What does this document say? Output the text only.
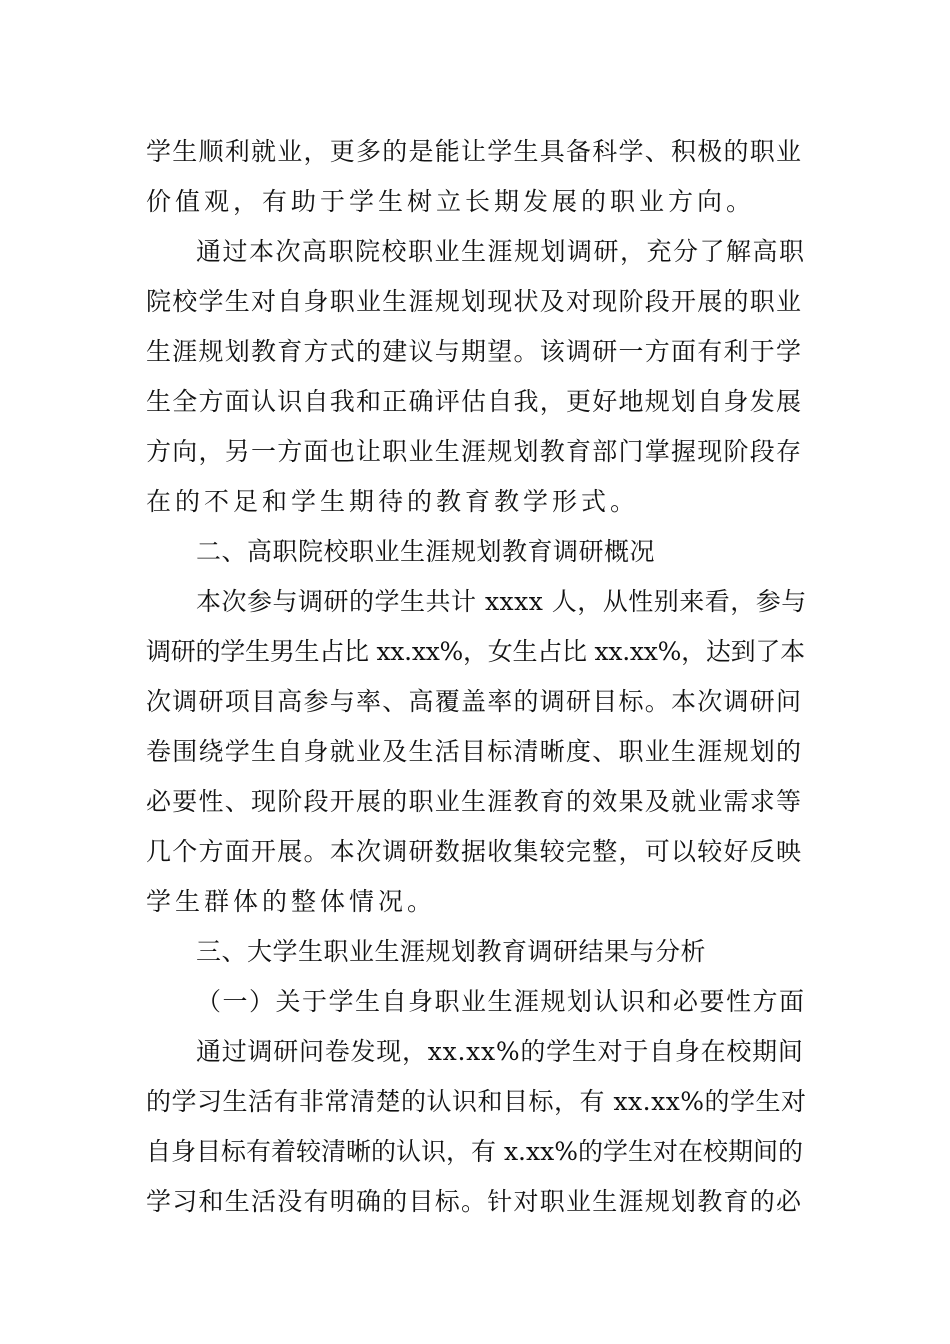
学生顺利就业，更多的是能让学生具备科学、积极的职业
价值观，有助于学生树立长期发展的职业方向。
通过本次高职院校职业生涯规划调研，充分了解高职
院校学生对自身职业生涯规划现状及对现阶段开展的职业
生涯规划教育方式的建议与期望。该调研一方面有利于学
生全方面认识自我和正确评估自我，更好地规划自身发展
方向，另一方面也让职业生涯规划教育部门掌握现阶段存
在的不足和学生期待的教育教学形式。
二、高职院校职业生涯规划教育调研概况
本次参与调研的学生共计 xxxx 人，从性别来看，参与
调研的学生男生占比 xx.xx%，女生占比 xx.xx%，达到了本
次调研项目高参与率、高覆盖率的调研目标。本次调研问
卷围绕学生自身就业及生活目标清晰度、职业生涯规划的
必要性、现阶段开展的职业生涯教育的效果及就业需求等
几个方面开展。本次调研数据收集较完整，可以较好反映
学生群体的整体情况。
三、大学生职业生涯规划教育调研结果与分析
（一）关于学生自身职业生涯规划认识和必要性方面
通过调研问卷发现，xx.xx%的学生对于自身在校期间
的学习生活有非常清楚的认识和目标，有 xx.xx%的学生对
自身目标有着较清晰的认识，有 x.xx%的学生对在校期间的
学习和生活没有明确的目标。针对职业生涯规划教育的必
